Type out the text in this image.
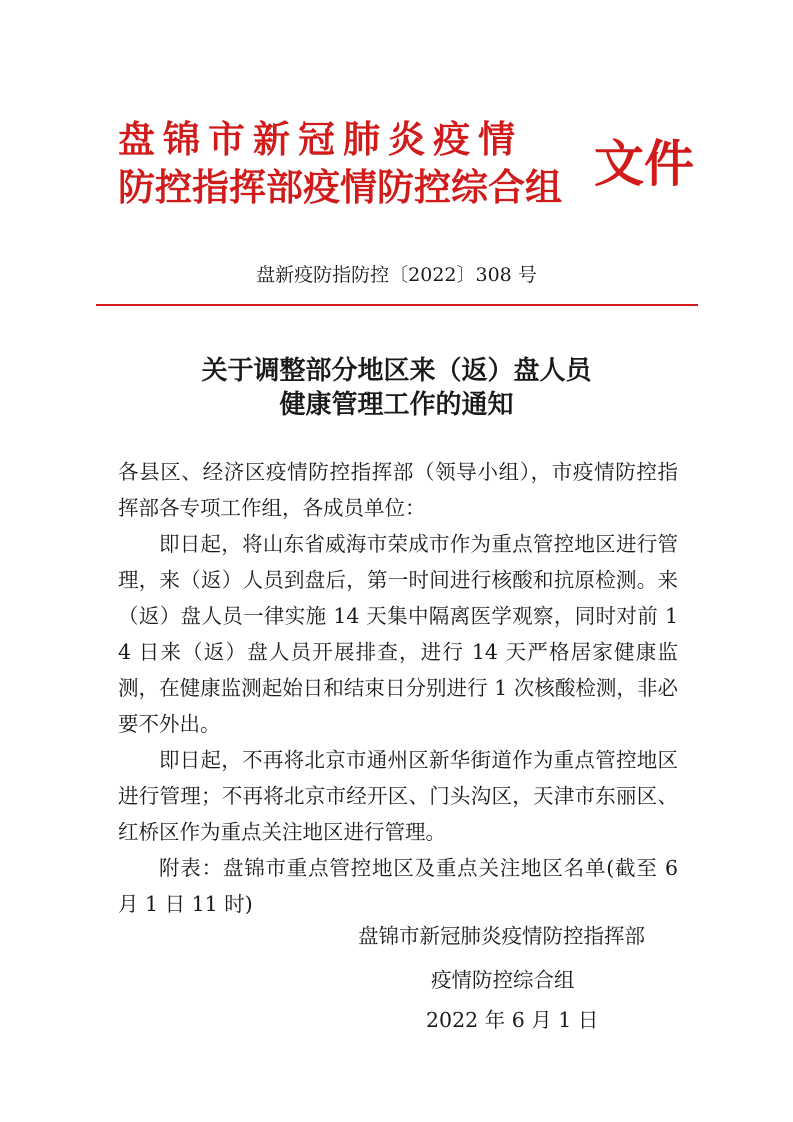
盘锦市新冠肺炎疫情
防控指挥部疫情防控综合组 文件
盘新疫防指防控〔2022〕308 号
关于调整部分地区来（返）盘人员
健康管理工作的通知

各县区、经济区疫情防控指挥部（领导小组），市疫情防控指挥部各专项工作组，各成员单位：

即日起，将山东省威海市荣成市作为重点管控地区进行管理，来（返）人员到盘后，第一时间进行核酸和抗原检测。来（返）盘人员一律实施 14 天集中隔离医学观察，同时对前 14 日来（返）盘人员开展排查，进行 14 天严格居家健康监测，在健康监测起始日和结束日分别进行 1 次核酸检测，非必要不外出。

即日起，不再将北京市通州区新华街道作为重点管控地区进行管理；不再将北京市经开区、门头沟区，天津市东丽区、红桥区作为重点关注地区进行管理。

附表：盘锦市重点管控地区及重点关注地区名单(截至 6 月 1 日 11 时)

盘锦市新冠肺炎疫情防控指挥部
疫情防控综合组
2022 年 6 月 1 日
